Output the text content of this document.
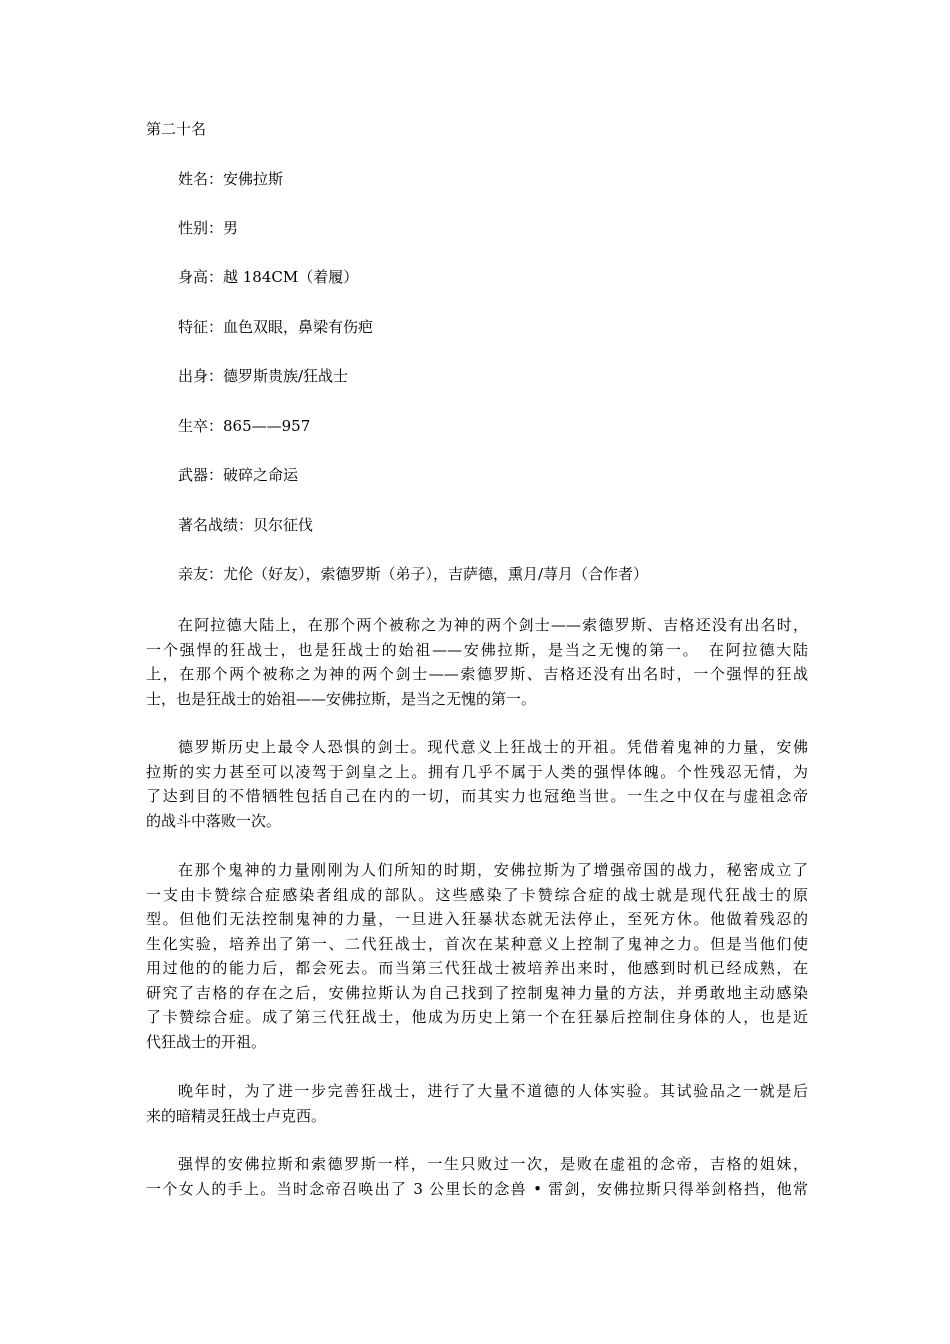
第二十名
姓名：安佛拉斯
性别：男
身高：越 184CM（着履）
特征：血色双眼，鼻梁有伤疤
出身：德罗斯贵族/狂战士
生卒：865——957
武器：破碎之命运
著名战绩：贝尔征伐
亲友：尤伦（好友），索德罗斯（弟子），吉萨德，熏月/荨月（合作者）
在阿拉德大陆上，在那个两个被称之为神的两个剑士——索德罗斯、吉格还没有出名时，
一个强悍的狂战士，也是狂战士的始祖——安佛拉斯，是当之无愧的第一。　在阿拉德大陆
上，在那个两个被称之为神的两个剑士——索德罗斯、吉格还没有出名时，一个强悍的狂战
士，也是狂战士的始祖——安佛拉斯，是当之无愧的第一。
德罗斯历史上最令人恐惧的剑士。现代意义上狂战士的开祖。凭借着鬼神的力量，安佛
拉斯的实力甚至可以凌驾于剑皇之上。拥有几乎不属于人类的强悍体魄。个性残忍无情，为
了达到目的不惜牺牲包括自己在内的一切，而其实力也冠绝当世。一生之中仅在与虚祖念帝
的战斗中落败一次。
在那个鬼神的力量刚刚为人们所知的时期，安佛拉斯为了增强帝国的战力，秘密成立了
一支由卡赞综合症感染者组成的部队。这些感染了卡赞综合症的战士就是现代狂战士的原
型。但他们无法控制鬼神的力量，一旦进入狂暴状态就无法停止，至死方休。他做着残忍的
生化实验，培养出了第一、二代狂战士，首次在某种意义上控制了鬼神之力。但是当他们使
用过他的的能力后，都会死去。而当第三代狂战士被培养出来时，他感到时机已经成熟，在
研究了吉格的存在之后，安佛拉斯认为自己找到了控制鬼神力量的方法，并勇敢地主动感染
了卡赞综合症。成了第三代狂战士，他成为历史上第一个在狂暴后控制住身体的人，也是近
代狂战士的开祖。
晚年时，为了进一步完善狂战士，进行了大量不道德的人体实验。其试验品之一就是后
来的暗精灵狂战士卢克西。
强悍的安佛拉斯和索德罗斯一样，一生只败过一次，是败在虚祖的念帝，吉格的姐妹，
一个女人的手上。当时念帝召唤出了 3 公里长的念兽 • 雷剑，安佛拉斯只得举剑格挡，他常
